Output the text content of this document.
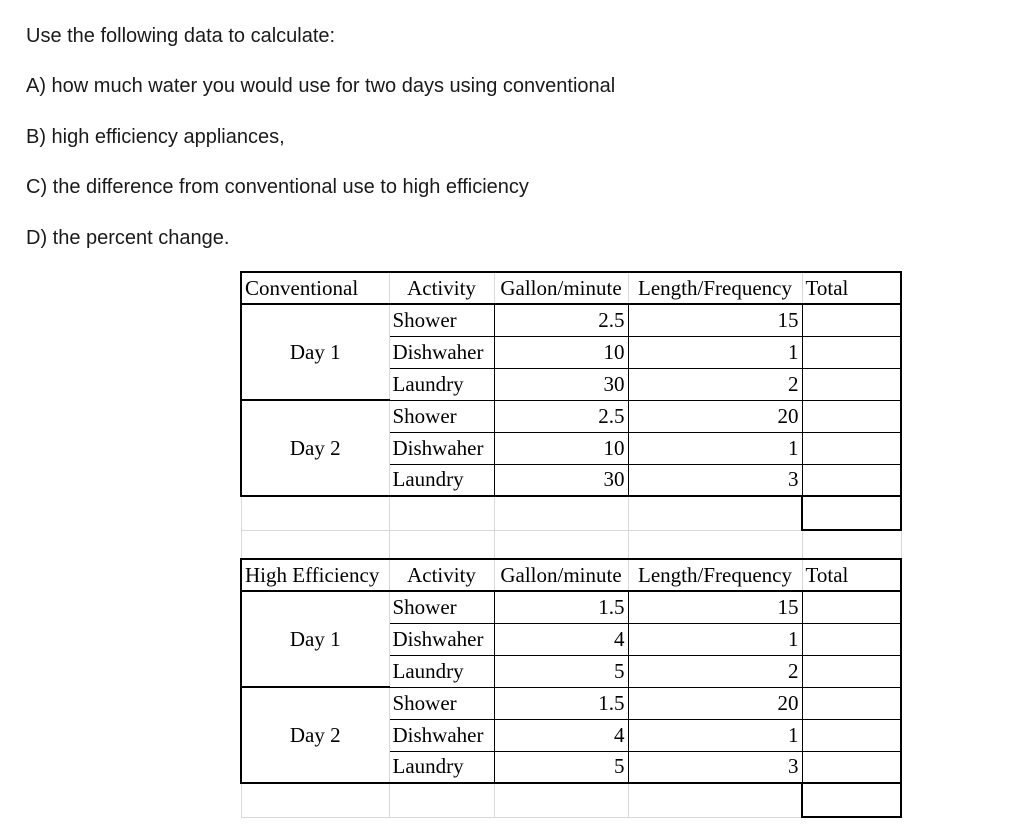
Use the following data to calculate:

A) how much water you would use for two days using conventional

B) high efficiency appliances,

C) the difference from conventional use to high efficiency

D) the percent change.

Conventional	Activity	Gallon/minute	Length/Frequency	Total
Day 1	Shower	2.5	15	
	Dishwaher	10	1	
	Laundry	30	2	
Day 2	Shower	2.5	20	
	Dishwaher	10	1	
	Laundry	30	3	

High Efficiency	Activity	Gallon/minute	Length/Frequency	Total
Day 1	Shower	1.5	15	
	Dishwaher	4	1	
	Laundry	5	2	
Day 2	Shower	1.5	20	
	Dishwaher	4	1	
	Laundry	5	3	
